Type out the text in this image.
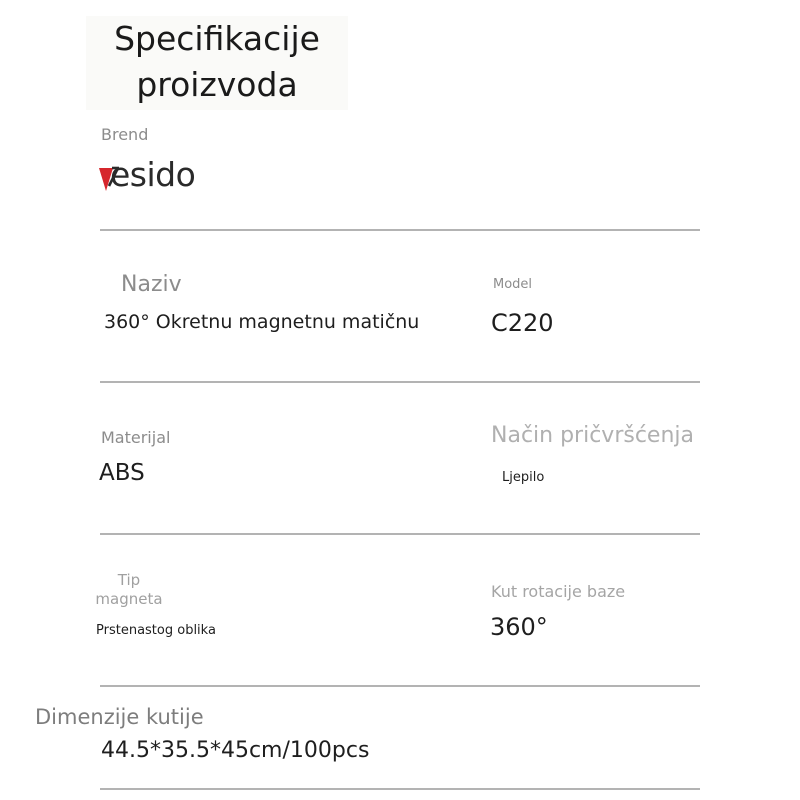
Specifikacije proizvoda
Brend
esido
Naziv
360° Okretnu magnetnu matičnu
Model
C220
Materijal
ABS
Način pričvršćenja
Ljepilo
Tip magneta
Prstenastog oblika
Kut rotacije baze
360°
Dimenzije kutije
44.5*35.5*45cm/100pcs
